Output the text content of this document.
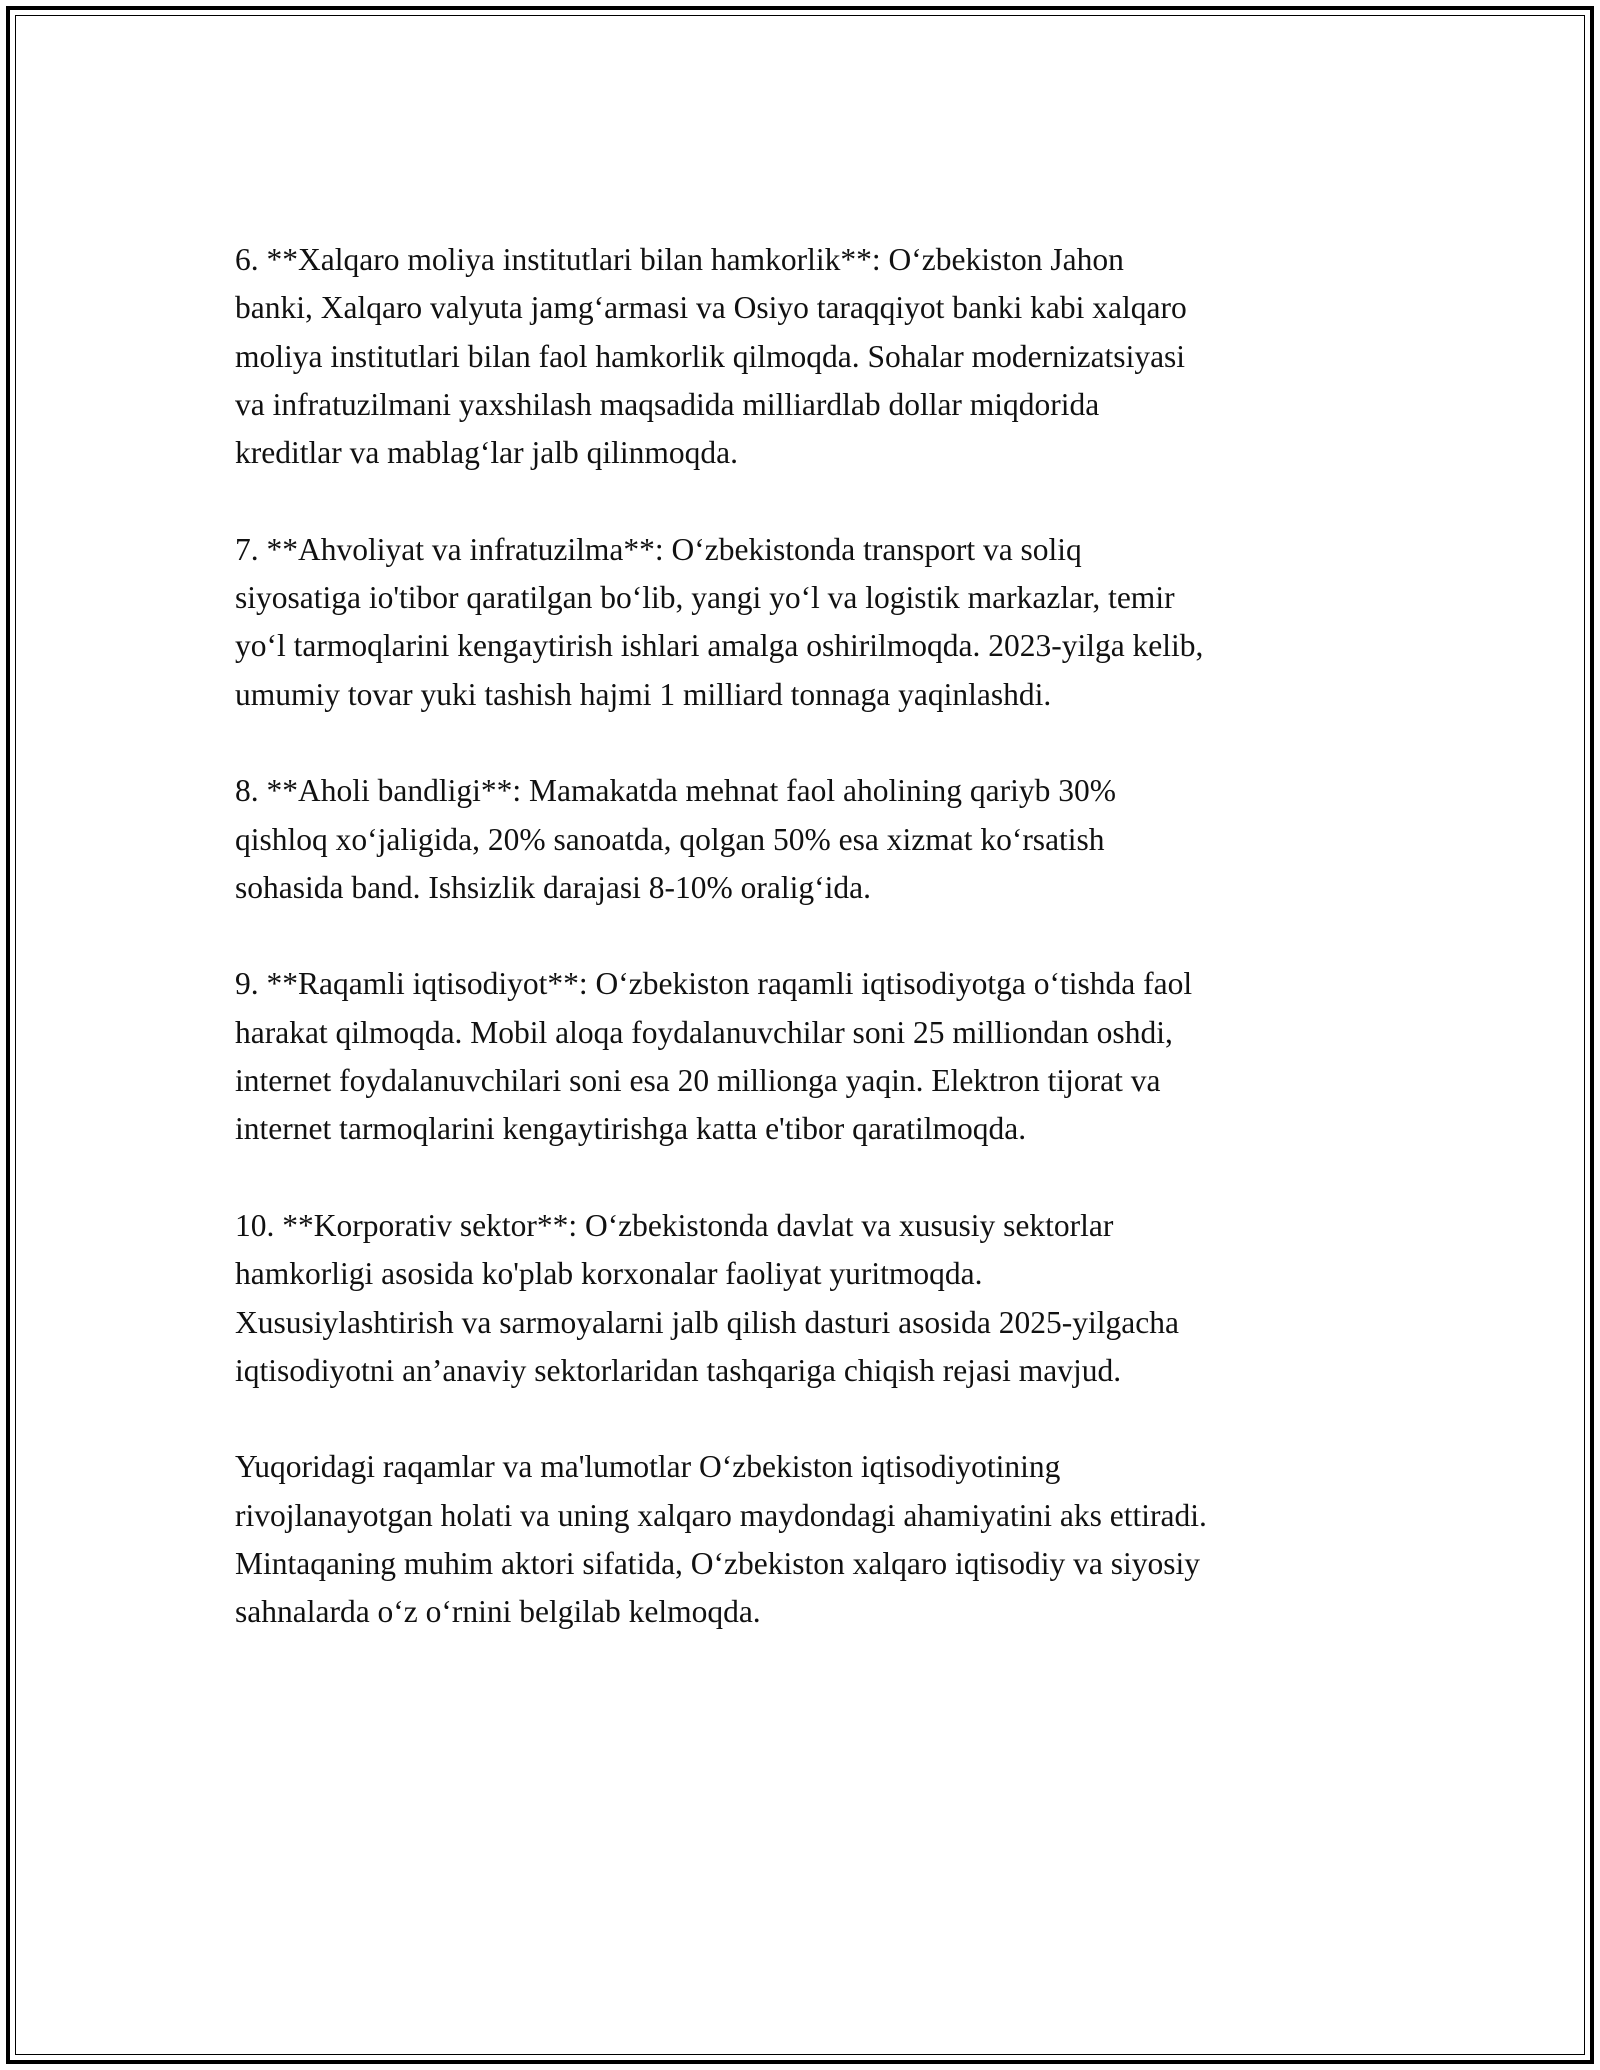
6. **Xalqaro moliya institutlari bilan hamkorlik**: O‘zbekiston Jahon
banki, Xalqaro valyuta jamg‘armasi va Osiyo taraqqiyot banki kabi xalqaro
moliya institutlari bilan faol hamkorlik qilmoqda. Sohalar modernizatsiyasi
va infratuzilmani yaxshilash maqsadida milliardlab dollar miqdorida
kreditlar va mablag‘lar jalb qilinmoqda.

7. **Ahvoliyat va infratuzilma**: O‘zbekistonda transport va soliq
siyosatiga io'tibor qaratilgan bo‘lib, yangi yo‘l va logistik markazlar, temir
yo‘l tarmoqlarini kengaytirish ishlari amalga oshirilmoqda. 2023-yilga kelib,
umumiy tovar yuki tashish hajmi 1 milliard tonnaga yaqinlashdi.

8. **Aholi bandligi**: Mamakatda mehnat faol aholining qariyb 30%
qishloq xo‘jaligida, 20% sanoatda, qolgan 50% esa xizmat ko‘rsatish
sohasida band. Ishsizlik darajasi 8-10% oralig‘ida.

9. **Raqamli iqtisodiyot**: O‘zbekiston raqamli iqtisodiyotga o‘tishda faol
harakat qilmoqda. Mobil aloqa foydalanuvchilar soni 25 milliondan oshdi,
internet foydalanuvchilari soni esa 20 millionga yaqin. Elektron tijorat va
internet tarmoqlarini kengaytirishga katta e'tibor qaratilmoqda.

10. **Korporativ sektor**: O‘zbekistonda davlat va xususiy sektorlar
hamkorligi asosida ko'plab korxonalar faoliyat yuritmoqda.
Xususiylashtirish va sarmoyalarni jalb qilish dasturi asosida 2025-yilgacha
iqtisodiyotni an’anaviy sektorlaridan tashqariga chiqish rejasi mavjud.

Yuqoridagi raqamlar va ma'lumotlar O‘zbekiston iqtisodiyotining
rivojlanayotgan holati va uning xalqaro maydondagi ahamiyatini aks ettiradi.
Mintaqaning muhim aktori sifatida, O‘zbekiston xalqaro iqtisodiy va siyosiy
sahnalarda o‘z o‘rnini belgilab kelmoqda.
